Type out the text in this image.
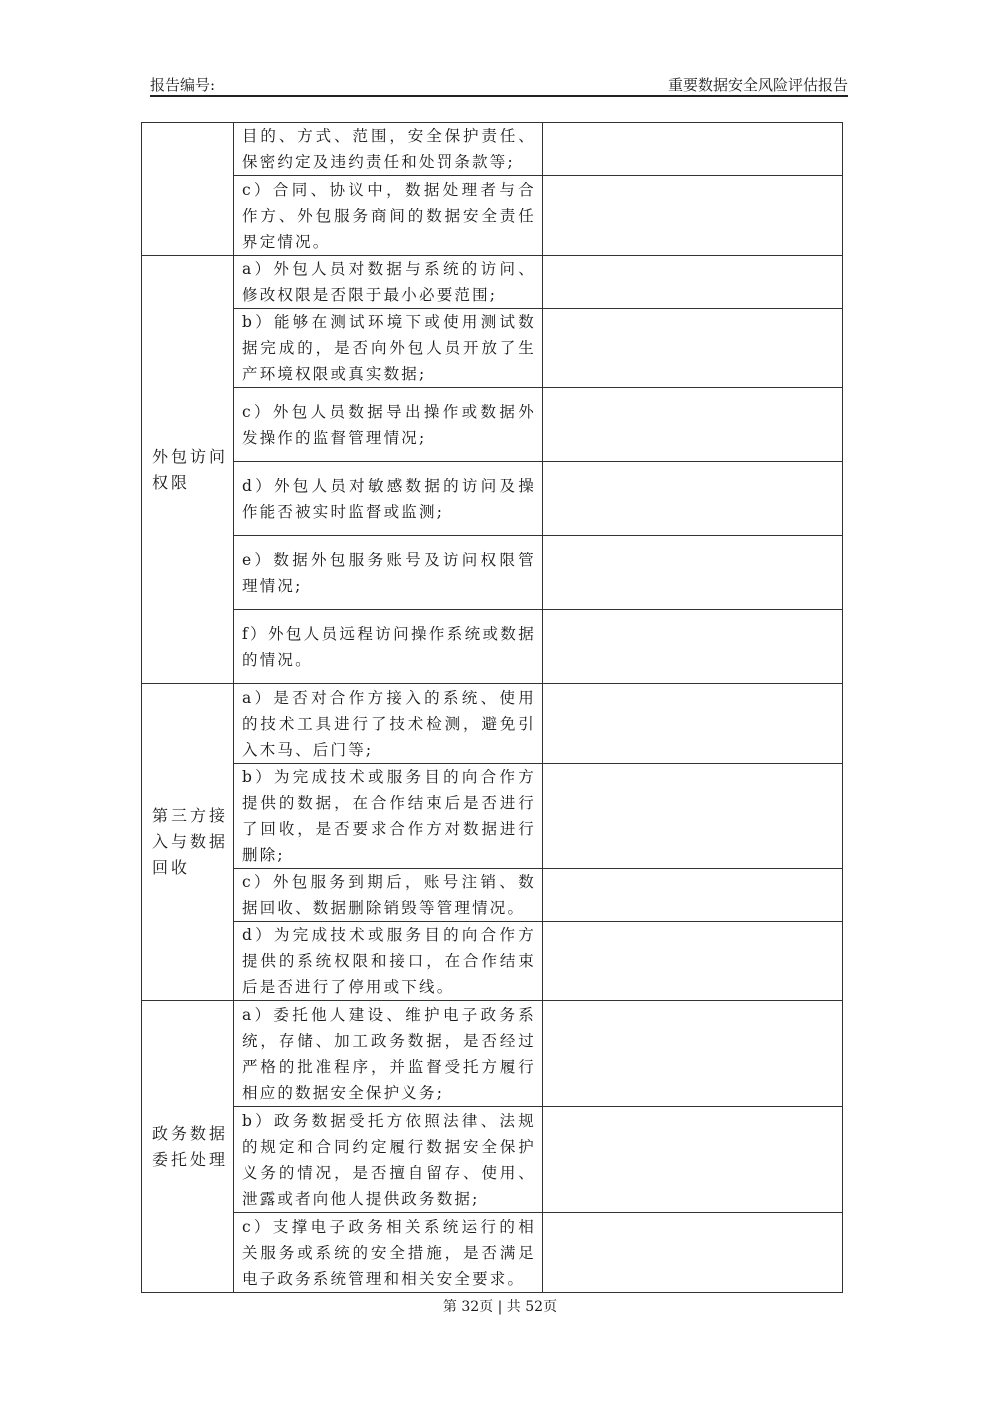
报告编号:	重要数据安全风险评估报告
	目的、方式、范围，安全保护责任、保密约定及违约责任和处罚条款等;	
	c）合同、协议中，数据处理者与合作方、外包服务商间的数据安全责任界定情况。	
外包访问权限	a）外包人员对数据与系统的访问、修改权限是否限于最小必要范围;	
	b）能够在测试环境下或使用测试数据完成的，是否向外包人员开放了生产环境权限或真实数据;	
	c）外包人员数据导出操作或数据外发操作的监督管理情况;	
	d）外包人员对敏感数据的访问及操作能否被实时监督或监测;	
	e）数据外包服务账号及访问权限管理情况;	
	f）外包人员远程访问操作系统或数据的情况。	
第三方接入与数据回收	a）是否对合作方接入的系统、使用的技术工具进行了技术检测，避免引入木马、后门等;	
	b）为完成技术或服务目的向合作方提供的数据，在合作结束后是否进行了回收，是否要求合作方对数据进行删除;	
	c）外包服务到期后，账号注销、数据回收、数据删除销毁等管理情况。	
	d）为完成技术或服务目的向合作方提供的系统权限和接口，在合作结束后是否进行了停用或下线。	
政务数据委托处理	a）委托他人建设、维护电子政务系统，存储、加工政务数据，是否经过严格的批准程序，并监督受托方履行相应的数据安全保护义务;	
	b）政务数据受托方依照法律、法规的规定和合同约定履行数据安全保护义务的情况，是否擅自留存、使用、泄露或者向他人提供政务数据;	
	c）支撑电子政务相关系统运行的相关服务或系统的安全措施，是否满足电子政务系统管理和相关安全要求。	
第 32页 | 共 52页
